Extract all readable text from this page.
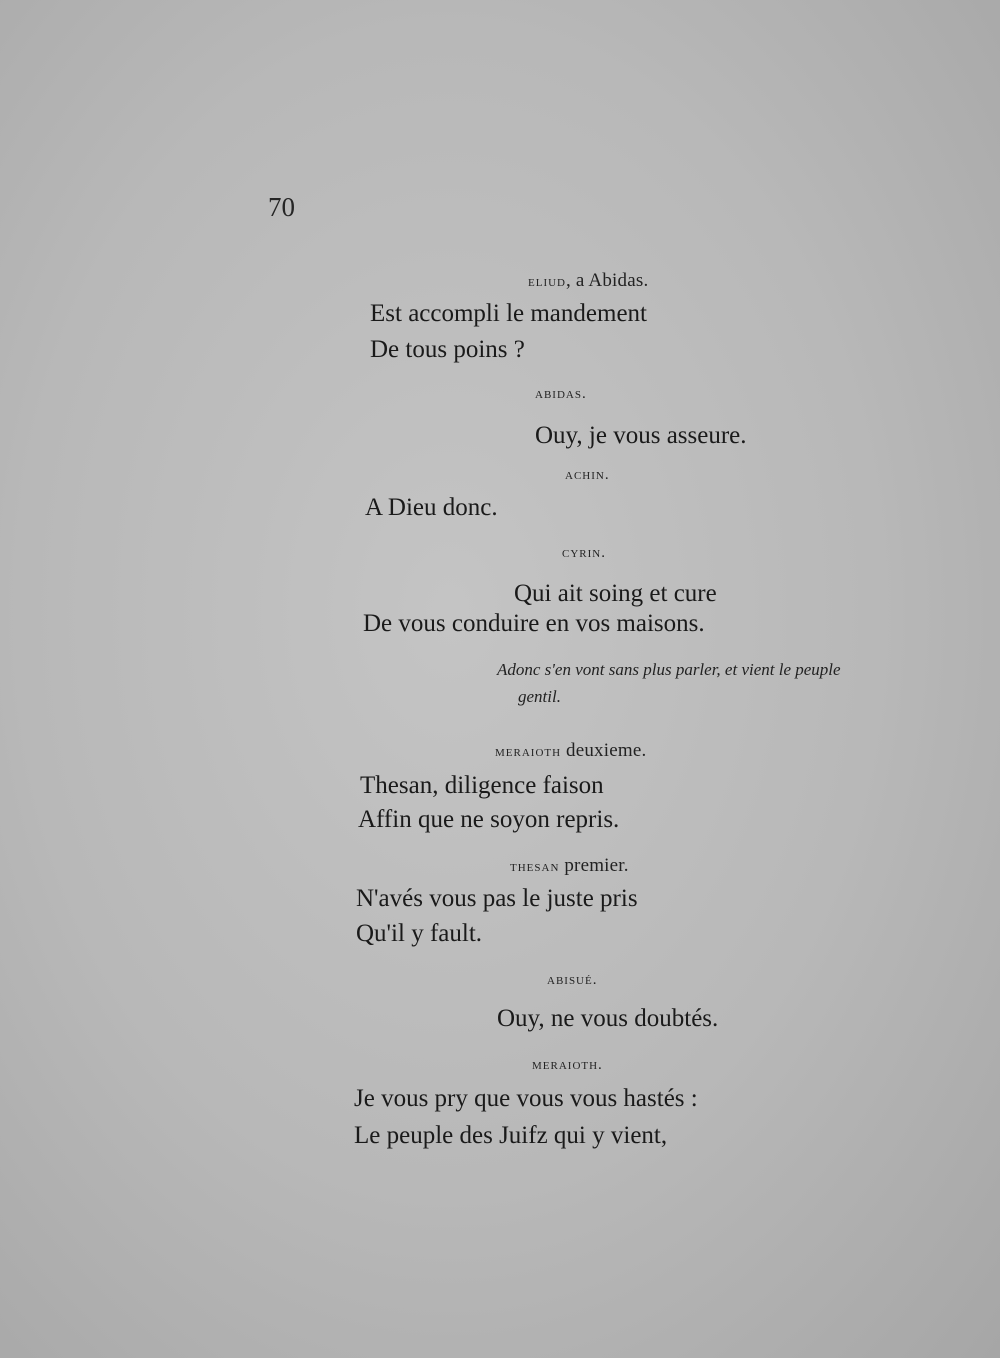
70
eliud, a Abidas.
Est accompli le mandement
De tous poins ?
abidas.
Ouy, je vous asseure.
achin.
A Dieu donc.
cyrin.
Qui ait soing et cure
De vous conduire en vos maisons.
Adonc s'en vont sans plus parler, et vient le peuple
gentil.
meraioth deuxieme.
Thesan, diligence faison
Affin que ne soyon repris.
thesan premier.
N'avés vous pas le juste pris
Qu'il y fault.
abisué.
Ouy, ne vous doubtés.
meraioth.
Je vous pry que vous vous hastés :
Le peuple des Juifz qui y vient,
